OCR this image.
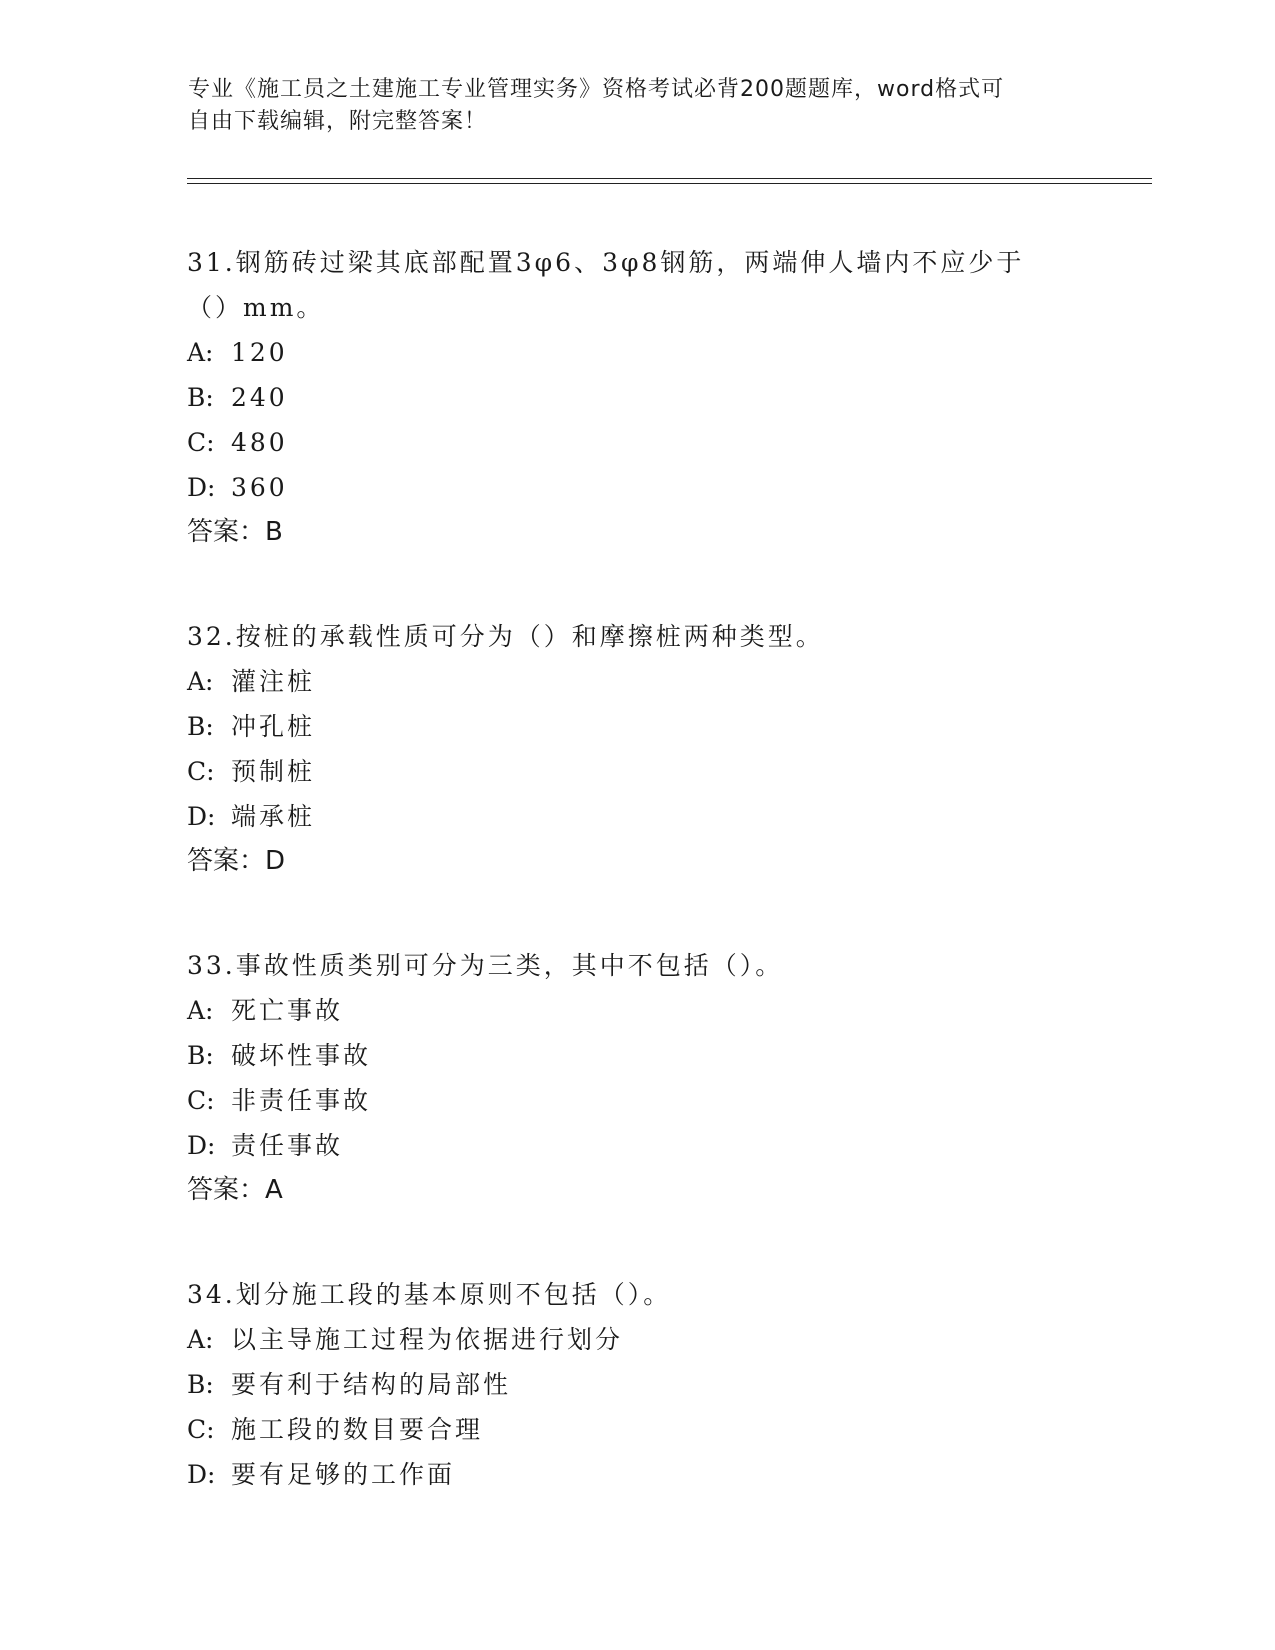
专业《施工员之土建施工专业管理实务》资格考试必背200题题库，word格式可
自由下载编辑，附完整答案！
31.钢筋砖过梁其底部配置3φ6、3φ8钢筋，两端伸人墙内不应少于
（）mm。
A: 120
B: 240
C: 480
D: 360
答案：B
32.按桩的承载性质可分为（）和摩擦桩两种类型。
A: 灌注桩
B: 冲孔桩
C: 预制桩
D: 端承桩
答案：D
33.事故性质类别可分为三类，其中不包括（）。
A: 死亡事故
B: 破坏性事故
C: 非责任事故
D: 责任事故
答案：A
34.划分施工段的基本原则不包括（）。
A: 以主导施工过程为依据进行划分
B: 要有利于结构的局部性
C: 施工段的数目要合理
D: 要有足够的工作面
